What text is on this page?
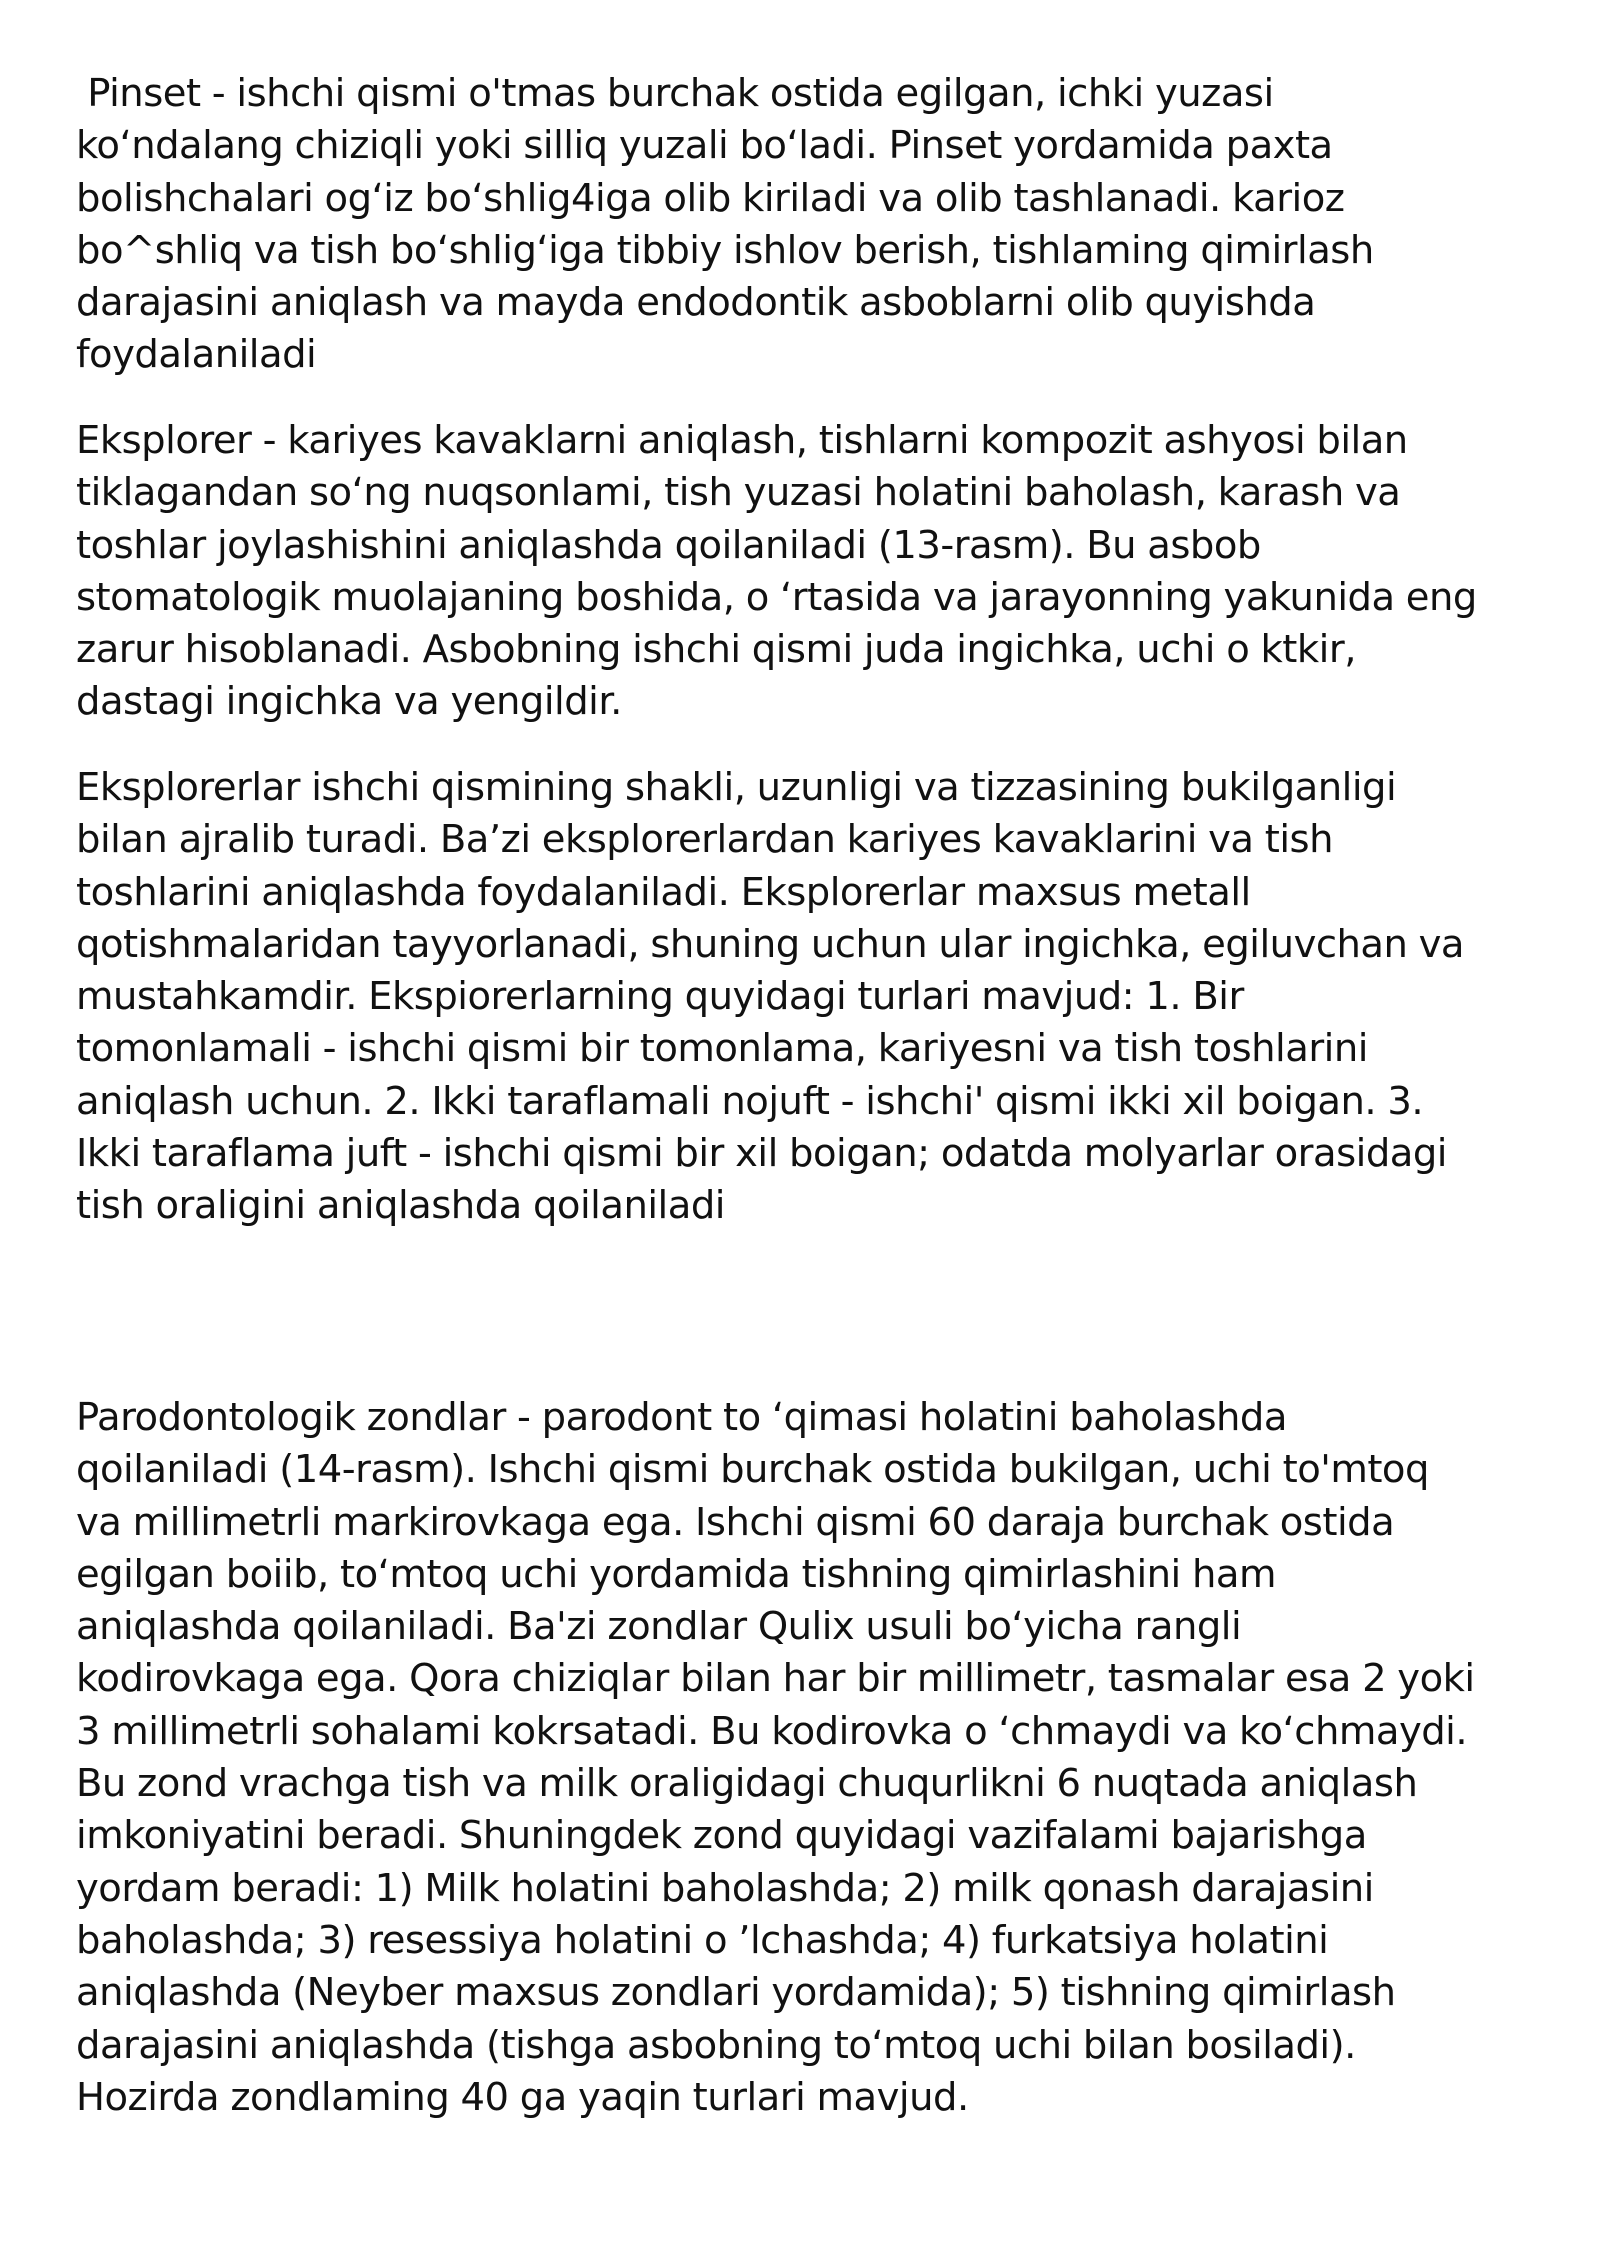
Pinset - ishchi qismi o'tmas burchak ostida egilgan, ichki yuzasi
ko‘ndalang chiziqli yoki silliq yuzali bo‘ladi. Pinset yordamida paxta
bolishchalari og‘iz bo‘shlig4iga olib kiriladi va olib tashlanadi. karioz
bo^shliq va tish bo‘shlig‘iga tibbiy ishlov berish, tishlaming qimirlash
darajasini aniqlash va mayda endodontik asboblarni olib quyishda
foydalaniladi

Eksplorer - kariyes kavaklarni aniqlash, tishlarni kompozit ashyosi bilan
tiklagandan so‘ng nuqsonlami, tish yuzasi holatini baholash, karash va
toshlar joylashishini aniqlashda qoilaniladi (13-rasm). Bu asbob
stomatologik muolajaning boshida, o ‘rtasida va jarayonning yakunida eng
zarur hisoblanadi. Asbobning ishchi qismi juda ingichka, uchi o ktkir,
dastagi ingichka va yengildir.

Eksplorerlar ishchi qismining shakli, uzunligi va tizzasining bukilganligi
bilan ajralib turadi. Ba’zi eksplorerlardan kariyes kavaklarini va tish
toshlarini aniqlashda foydalaniladi. Eksplorerlar maxsus metall
qotishmalaridan tayyorlanadi, shuning uchun ular ingichka, egiluvchan va
mustahkamdir. Ekspiorerlarning quyidagi turlari mavjud: 1. Bir
tomonlamali - ishchi qismi bir tomonlama, kariyesni va tish toshlarini
aniqlash uchun. 2. Ikki taraflamali nojuft - ishchi' qismi ikki xil boigan. 3.
Ikki taraflama juft - ishchi qismi bir xil boigan; odatda molyarlar orasidagi
tish oraligini aniqlashda qoilaniladi

Parodontologik zondlar - parodont to ‘qimasi holatini baholashda
qoilaniladi (14-rasm). Ishchi qismi burchak ostida bukilgan, uchi to'mtoq
va millimetrli markirovkaga ega. Ishchi qismi 60 daraja burchak ostida
egilgan boiib, to‘mtoq uchi yordamida tishning qimirlashini ham
aniqlashda qoilaniladi. Ba'zi zondlar Qulix usuli bo‘yicha rangli
kodirovkaga ega. Qora chiziqlar bilan har bir millimetr, tasmalar esa 2 yoki
3 millimetrli sohalami kokrsatadi. Bu kodirovka o ‘chmaydi va ko‘chmaydi.
Bu zond vrachga tish va milk oraligidagi chuqurlikni 6 nuqtada aniqlash
imkoniyatini beradi. Shuningdek zond quyidagi vazifalami bajarishga
yordam beradi: 1) Milk holatini baholashda; 2) milk qonash darajasini
baholashda; 3) resessiya holatini o ’lchashda; 4) furkatsiya holatini
aniqlashda (Neyber maxsus zondlari yordamida); 5) tishning qimirlash
darajasini aniqlashda (tishga asbobning to‘mtoq uchi bilan bosiladi).
Hozirda zondlaming 40 ga yaqin turlari mavjud.
